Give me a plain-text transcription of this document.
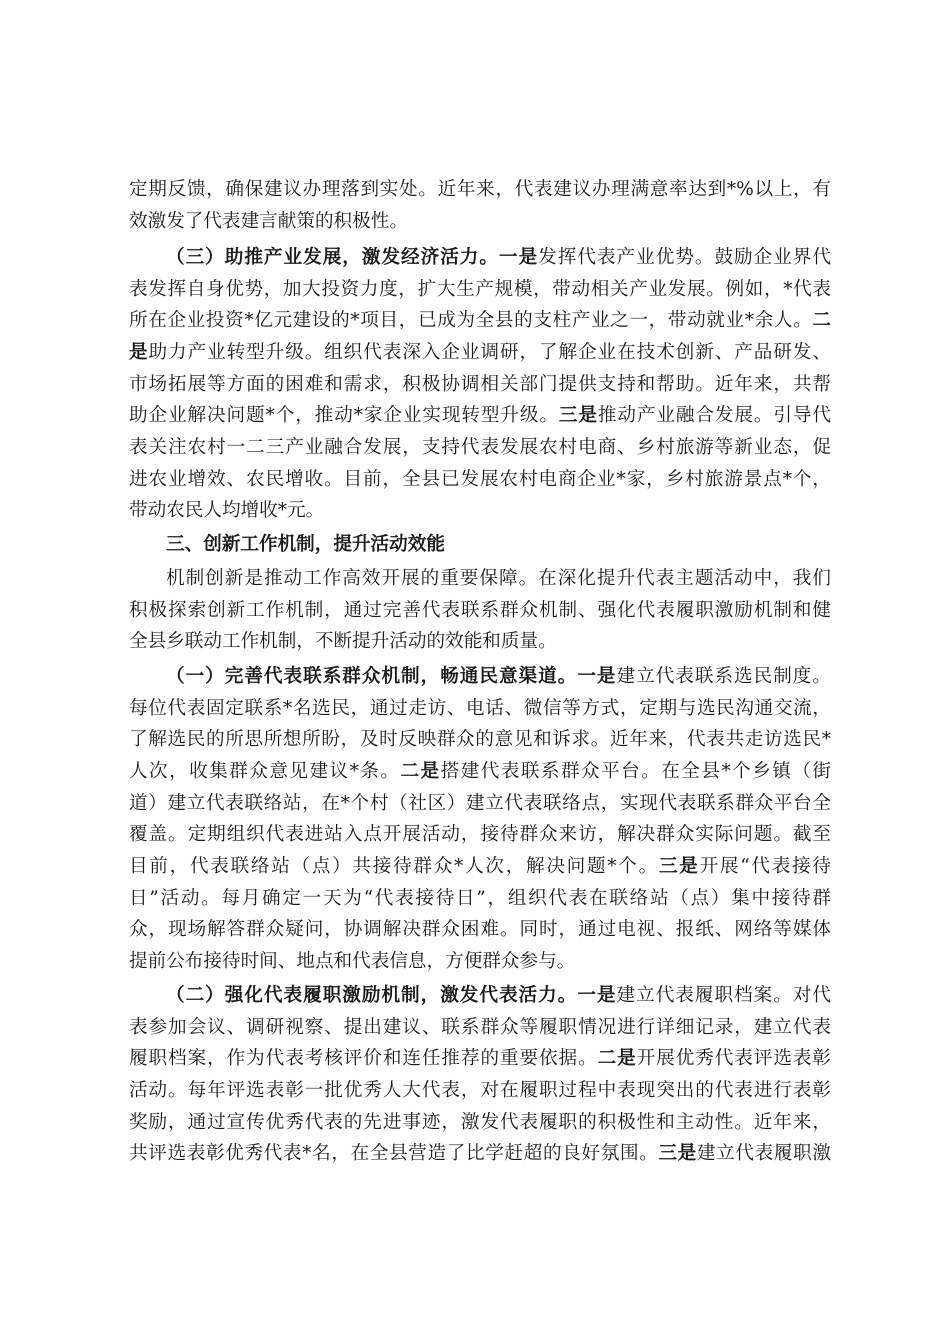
定期反馈，确保建议办理落到实处。近年来，代表建议办理满意率达到*%以上，有
效激发了代表建言献策的积极性。
（三）助推产业发展，激发经济活力。一是发挥代表产业优势。鼓励企业界代
表发挥自身优势，加大投资力度，扩大生产规模，带动相关产业发展。例如，*代表
所在企业投资*亿元建设的*项目，已成为全县的支柱产业之一，带动就业*余人。二
是助力产业转型升级。组织代表深入企业调研，了解企业在技术创新、产品研发、
市场拓展等方面的困难和需求，积极协调相关部门提供支持和帮助。近年来，共帮
助企业解决问题*个，推动*家企业实现转型升级。三是推动产业融合发展。引导代
表关注农村一二三产业融合发展，支持代表发展农村电商、乡村旅游等新业态，促
进农业增效、农民增收。目前，全县已发展农村电商企业*家，乡村旅游景点*个，
带动农民人均增收*元。
三、创新工作机制，提升活动效能
机制创新是推动工作高效开展的重要保障。在深化提升代表主题活动中，我们
积极探索创新工作机制，通过完善代表联系群众机制、强化代表履职激励机制和健
全县乡联动工作机制，不断提升活动的效能和质量。
（一）完善代表联系群众机制，畅通民意渠道。一是建立代表联系选民制度。
每位代表固定联系*名选民，通过走访、电话、微信等方式，定期与选民沟通交流，
了解选民的所思所想所盼，及时反映群众的意见和诉求。近年来，代表共走访选民*
人次，收集群众意见建议*条。二是搭建代表联系群众平台。在全县*个乡镇（街
道）建立代表联络站，在*个村（社区）建立代表联络点，实现代表联系群众平台全
覆盖。定期组织代表进站入点开展活动，接待群众来访，解决群众实际问题。截至
目前，代表联络站（点）共接待群众*人次，解决问题*个。三是开展“代表接待
日”活动。每月确定一天为“代表接待日”，组织代表在联络站（点）集中接待群
众，现场解答群众疑问，协调解决群众困难。同时，通过电视、报纸、网络等媒体
提前公布接待时间、地点和代表信息，方便群众参与。
（二）强化代表履职激励机制，激发代表活力。一是建立代表履职档案。对代
表参加会议、调研视察、提出建议、联系群众等履职情况进行详细记录，建立代表
履职档案，作为代表考核评价和连任推荐的重要依据。二是开展优秀代表评选表彰
活动。每年评选表彰一批优秀人大代表，对在履职过程中表现突出的代表进行表彰
奖励，通过宣传优秀代表的先进事迹，激发代表履职的积极性和主动性。近年来，
共评选表彰优秀代表*名，在全县营造了比学赶超的良好氛围。三是建立代表履职激
